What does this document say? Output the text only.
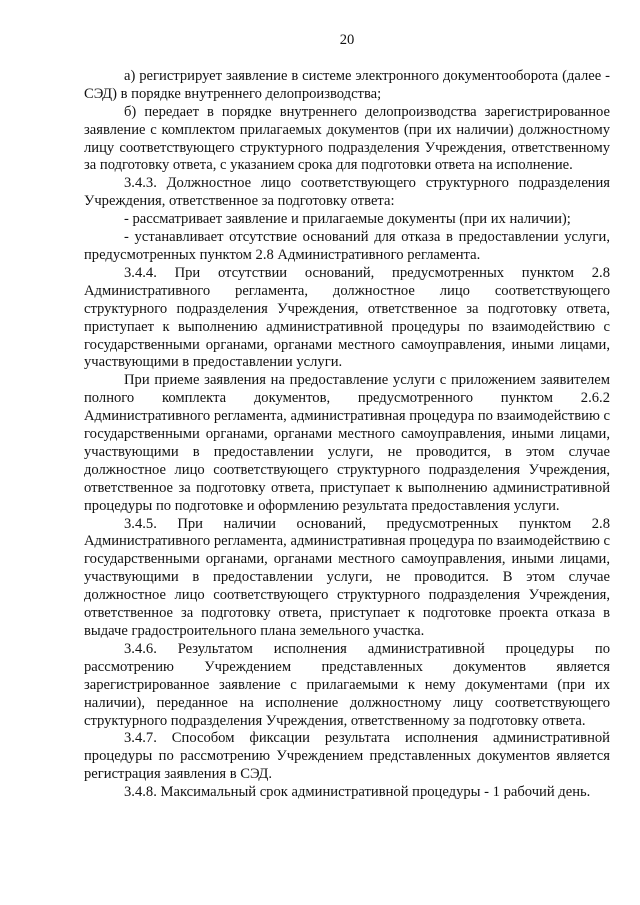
20

а) регистрирует заявление в системе электронного документооборота (далее - СЭД) в порядке внутреннего делопроизводства;

б) передает в порядке внутреннего делопроизводства зарегистрированное заявление с комплектом прилагаемых документов (при их наличии) должностному лицу соответствующего структурного подразделения Учреждения, ответственному за подготовку ответа, с указанием срока для подготовки ответа на исполнение.

3.4.3. Должностное лицо соответствующего структурного подразделения Учреждения, ответственное за подготовку ответа:

- рассматривает заявление и прилагаемые документы (при их наличии);

- устанавливает отсутствие оснований для отказа в предоставлении услуги, предусмотренных пунктом 2.8 Административного регламента.

3.4.4. При отсутствии оснований, предусмотренных пунктом 2.8 Административного регламента, должностное лицо соответствующего структурного подразделения Учреждения, ответственное за подготовку ответа, приступает к выполнению административной процедуры по взаимодействию с государственными органами, органами местного самоуправления, иными лицами, участвующими в предоставлении услуги.

При приеме заявления на предоставление услуги с приложением заявителем полного комплекта документов, предусмотренного пунктом 2.6.2 Административного регламента, административная процедура по взаимодействию с государственными органами, органами местного самоуправления, иными лицами, участвующими в предоставлении услуги, не проводится, в этом случае должностное лицо соответствующего структурного подразделения Учреждения, ответственное за подготовку ответа, приступает к выполнению административной процедуры по подготовке и оформлению результата предоставления услуги.

3.4.5. При наличии оснований, предусмотренных пунктом 2.8 Административного регламента, административная процедура по взаимодействию с государственными органами, органами местного самоуправления, иными лицами, участвующими в предоставлении услуги, не проводится. В этом случае должностное лицо соответствующего структурного подразделения Учреждения, ответственное за подготовку ответа, приступает к подготовке проекта отказа в выдаче градостроительного плана земельного участка.

3.4.6. Результатом исполнения административной процедуры по рассмотрению Учреждением представленных документов является зарегистрированное заявление с прилагаемыми к нему документами (при их наличии), переданное на исполнение должностному лицу соответствующего структурного подразделения Учреждения, ответственному за подготовку ответа.

3.4.7. Способом фиксации результата исполнения административной процедуры по рассмотрению Учреждением представленных документов является регистрация заявления в СЭД.

3.4.8. Максимальный срок административной процедуры - 1 рабочий день.
